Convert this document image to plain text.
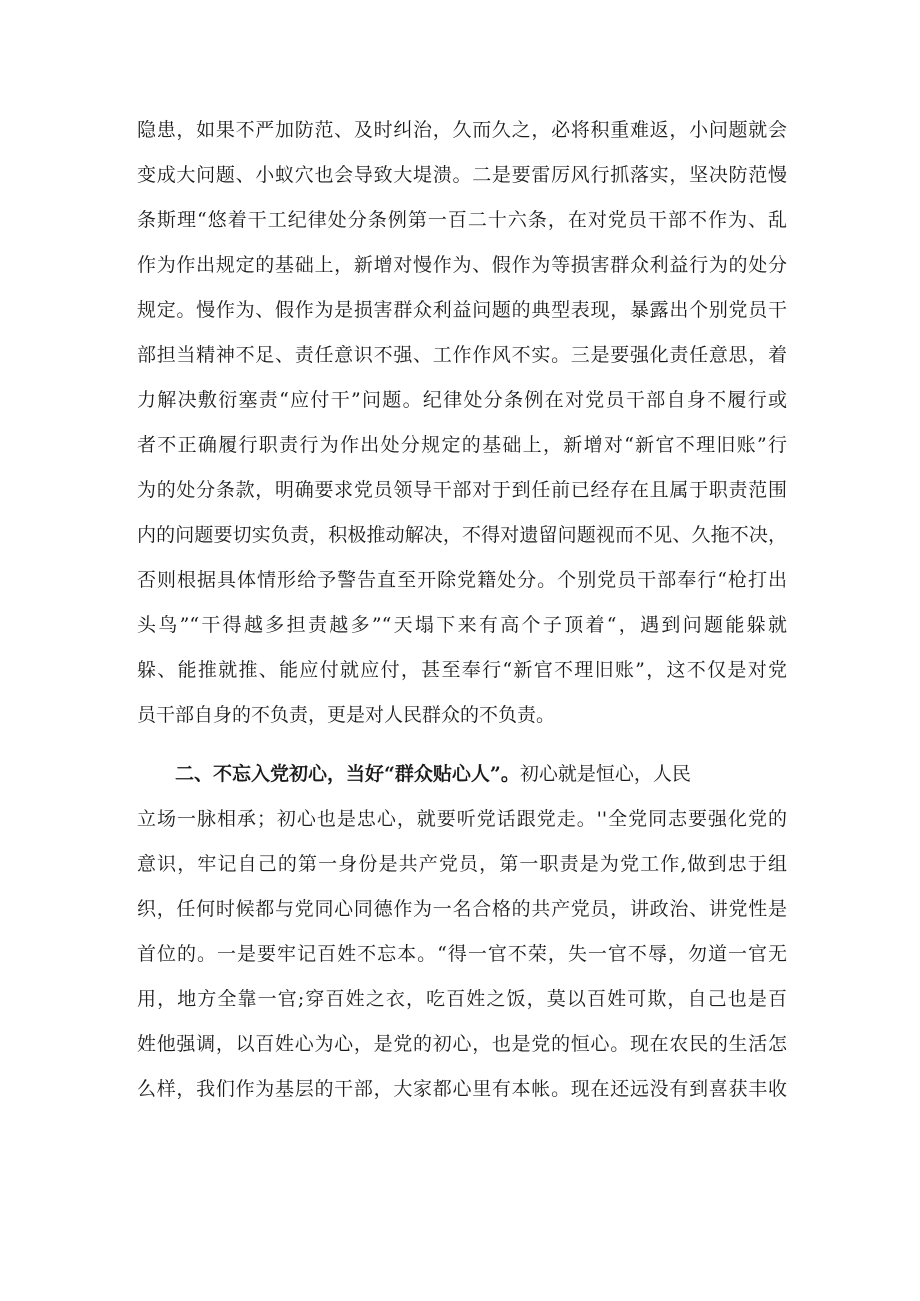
隐患，如果不严加防范、及时纠治，久而久之，必将积重难返，小问题就会
变成大问题、小蚁穴也会导致大堤溃。二是要雷厉风行抓落实，坚决防范慢
条斯理“悠着干工纪律处分条例第一百二十六条，在对党员干部不作为、乱
作为作出规定的基础上，新增对慢作为、假作为等损害群众利益行为的处分
规定。慢作为、假作为是损害群众利益问题的典型表现，暴露出个别党员干
部担当精神不足、责任意识不强、工作作风不实。三是要强化责任意思，着
力解决敷衍塞责“应付干”问题。纪律处分条例在对党员干部自身不履行或
者不正确履行职责行为作出处分规定的基础上，新增对“新官不理旧账”行
为的处分条款，明确要求党员领导干部对于到任前已经存在且属于职责范围
内的问题要切实负责，积极推动解决，不得对遗留问题视而不见、久拖不决，
否则根据具体情形给予警告直至开除党籍处分。个别党员干部奉行“枪打出
头鸟”“干得越多担责越多”“天塌下来有高个子顶着“，遇到问题能躲就
躲、能推就推、能应付就应付，甚至奉行“新官不理旧账”，这不仅是对党
员干部自身的不负责，更是对人民群众的不负责。
二、不忘入党初心，当好“群众贴心人”。初心就是恒心，人民
立场一脉相承；初心也是忠心，就要听党话跟党走。''全党同志要强化党的
意识，牢记自己的第一身份是共产党员，第一职责是为党工作,做到忠于组
织，任何时候都与党同心同德作为一名合格的共产党员，讲政治、讲党性是
首位的。一是要牢记百姓不忘本。“得一官不荣，失一官不辱，勿道一官无
用，地方全靠一官;穿百姓之衣，吃百姓之饭，莫以百姓可欺，自己也是百
姓他强调，以百姓心为心，是党的初心，也是党的恒心。现在农民的生活怎
么样，我们作为基层的干部，大家都心里有本帐。现在还远没有到喜获丰收
